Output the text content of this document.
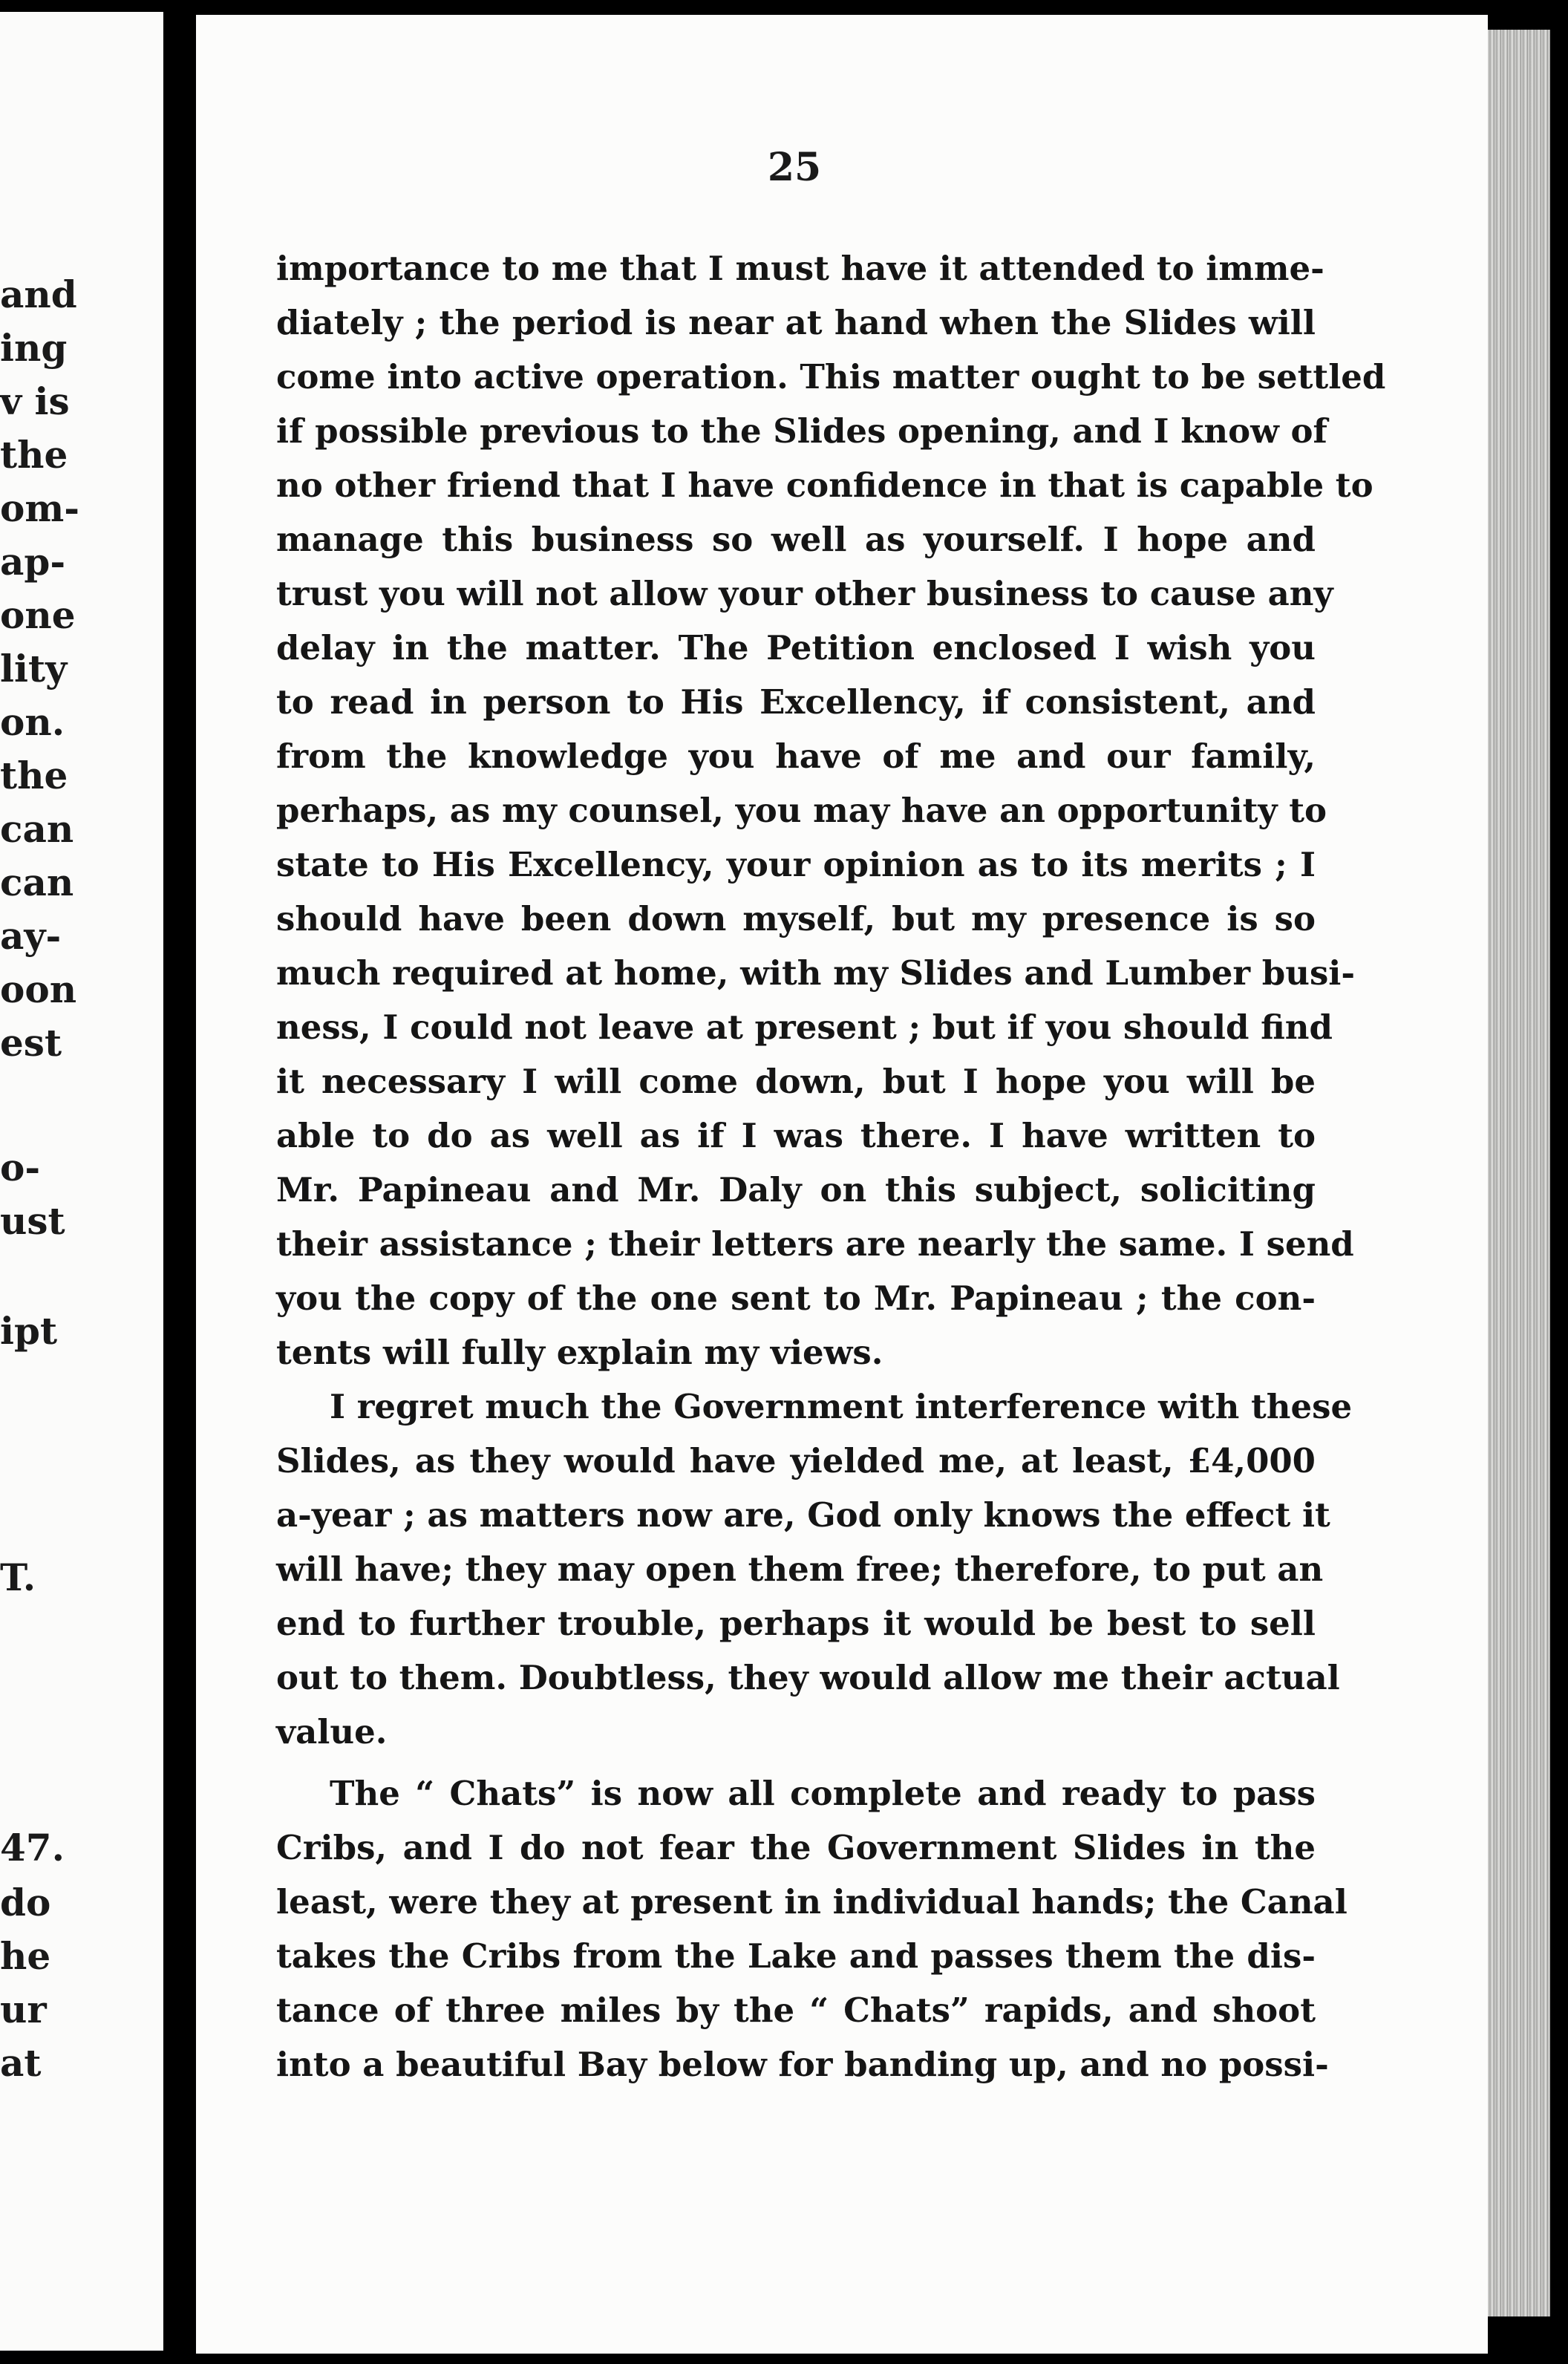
and
ing
v is
the
om-
ap-
one
lity
on.
the
can
can
ay-
oon
est
o-
ust
ipt
T.
47.
do
he
ur
at
25
importance to me that I must have it attended to imme-
diately ; the period is near at hand when the Slides will
come into active operation. This matter ought to be settled
if possible previous to the Slides opening, and I know of
no other friend that I have confidence in that is capable to
manage this business so well as yourself. I hope and
trust you will not allow your other business to cause any
delay in the matter. The Petition enclosed I wish you
to read in person to His Excellency, if consistent, and
from the knowledge you have of me and our family,
perhaps, as my counsel, you may have an opportunity to
state to His Excellency, your opinion as to its merits ; I
should have been down myself, but my presence is so
much required at home, with my Slides and Lumber busi-
ness, I could not leave at present ; but if you should find
it necessary I will come down, but I hope you will be
able to do as well as if I was there. I have written to
Mr. Papineau and Mr. Daly on this subject, soliciting
their assistance ; their letters are nearly the same. I send
you the copy of the one sent to Mr. Papineau ; the con-
tents will fully explain my views.
I regret much the Government interference with these
Slides, as they would have yielded me, at least, £4,000
a-year ; as matters now are, God only knows the effect it
will have; they may open them free; therefore, to put an
end to further trouble, perhaps it would be best to sell
out to them. Doubtless, they would allow me their actual
value.
The “ Chats” is now all complete and ready to pass
Cribs, and I do not fear the Government Slides in the
least, were they at present in individual hands; the Canal
takes the Cribs from the Lake and passes them the dis-
tance of three miles by the “ Chats” rapids, and shoot
into a beautiful Bay below for banding up, and no possi-
